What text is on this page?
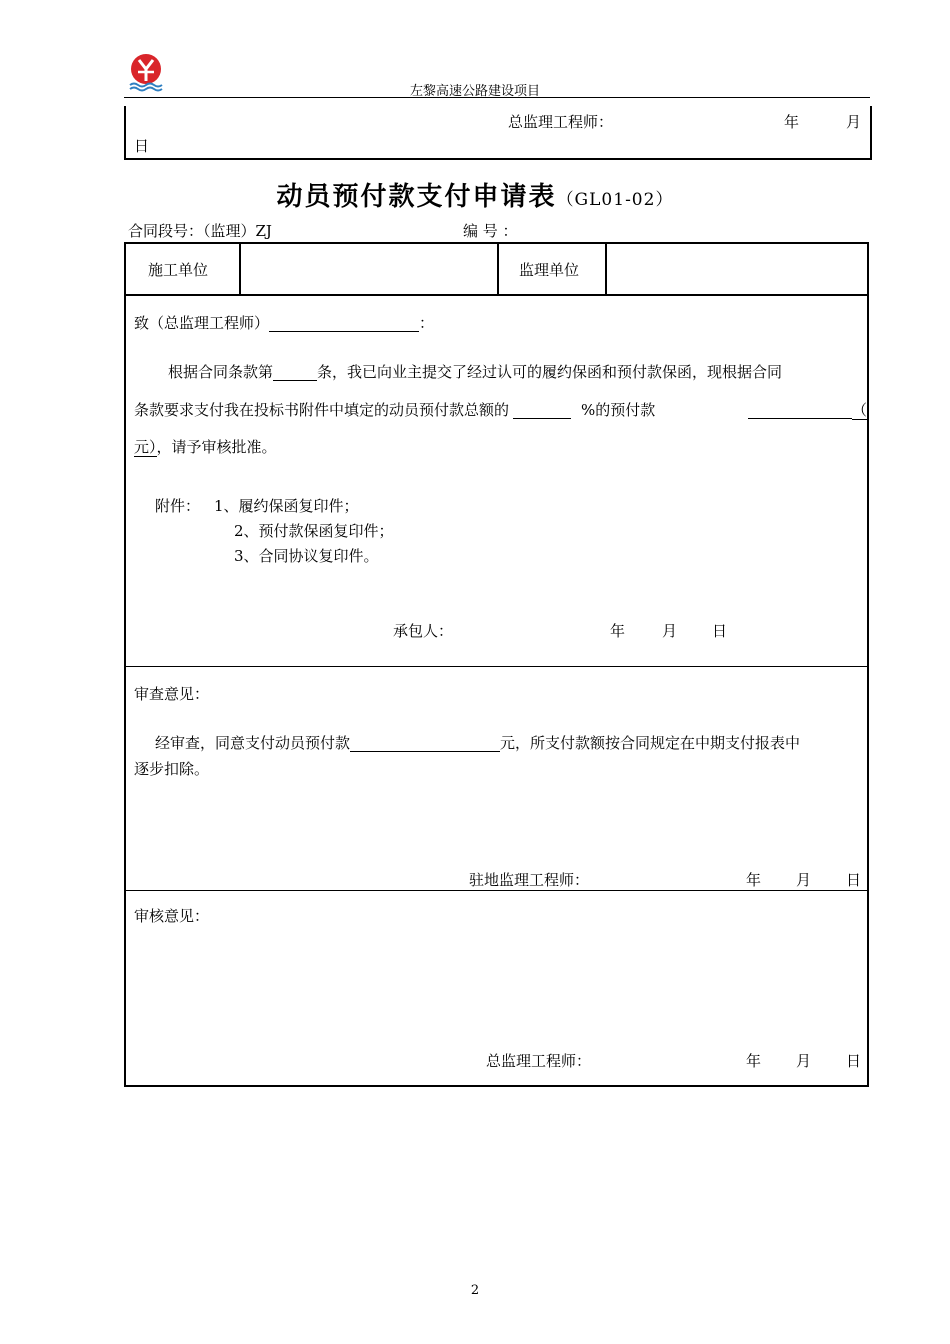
左黎高速公路建设项目
总监理工程师：	年	月
日
动员预付款支付申请表（GL01-02）
合同段号：（监理）ZJ	编 号 ：
施工单位	监理单位
致（总监理工程师）	：
根据合同条款第	条，我已向业主提交了经过认可的履约保函和预付款保函，现根据合同
条款要求支付我在投标书附件中填定的动员预付款总额的	%的预付款	（
元），请予审核批准。
附件： 1、履约保函复印件；
2、预付款保函复印件；
3、合同协议复印件。
承包人：	年 月 日
审查意见：
经审查，同意支付动员预付款	元，所支付款额按合同规定在中期支付报表中
逐步扣除。
驻地监理工程师：	年 月 日
审核意见：
总监理工程师：	年 月 日
2
